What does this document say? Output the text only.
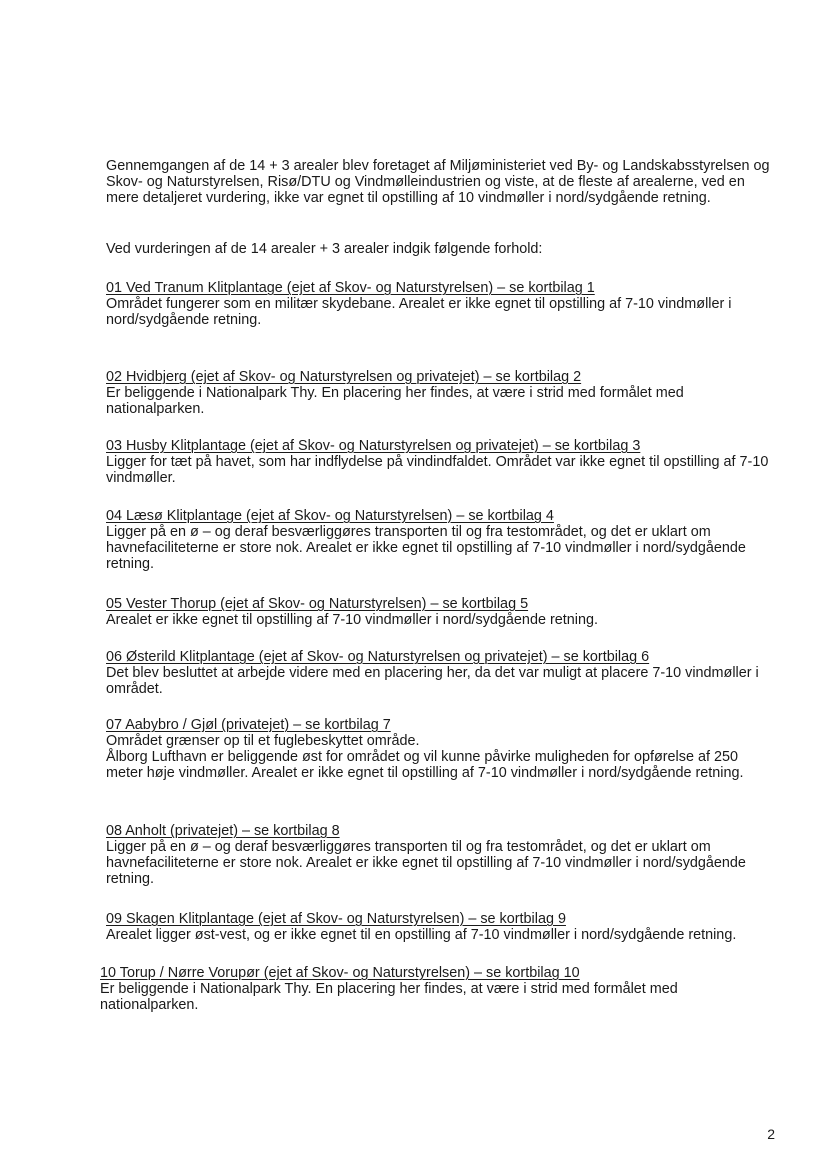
Gennemgangen af de 14 + 3 arealer blev foretaget af Miljøministeriet ved By- og Landskabsstyrelsen og Skov- og Naturstyrelsen, Risø/DTU og Vindmølleindustrien og viste, at de fleste af arealerne, ved en mere detaljeret vurdering, ikke var egnet til opstilling af 10 vindmøller i nord/sydgående retning.

Ved vurderingen af de 14 arealer + 3 arealer indgik følgende forhold:

01 Ved Tranum Klitplantage (ejet af Skov- og Naturstyrelsen) – se kortbilag 1

Området fungerer som en militær skydebane. Arealet er ikke egnet til opstilling af 7-10 vindmøller i nord/sydgående retning.

02 Hvidbjerg (ejet af Skov- og Naturstyrelsen og privatejet) – se kortbilag 2

Er beliggende i Nationalpark Thy. En placering her findes, at være i strid med formålet med nationalparken.

03 Husby Klitplantage (ejet af Skov- og Naturstyrelsen og privatejet) – se kortbilag 3

Ligger for tæt på havet, som har indflydelse på vindindfaldet. Området var ikke egnet til opstilling af 7-10 vindmøller.

04 Læsø Klitplantage (ejet af Skov- og Naturstyrelsen) – se kortbilag 4

Ligger på en ø – og deraf besværliggøres transporten til og fra testområdet, og det er uklart om havnefaciliteterne er store nok. Arealet er ikke egnet til opstilling af 7-10 vindmøller i nord/sydgående retning.

05 Vester Thorup (ejet af Skov- og Naturstyrelsen) – se kortbilag 5

Arealet er ikke egnet til opstilling af 7-10 vindmøller i nord/sydgående retning.

06 Østerild Klitplantage (ejet af Skov- og Naturstyrelsen og privatejet) – se kortbilag 6

Det blev besluttet at arbejde videre med en placering her, da det var muligt at placere 7-10 vindmøller i området.

07 Aabybro / Gjøl (privatejet) – se kortbilag 7

Området grænser op til et fuglebeskyttet område.

Ålborg Lufthavn er beliggende øst for området og vil kunne påvirke muligheden for opførelse af 250 meter høje vindmøller. Arealet er ikke egnet til opstilling af 7-10 vindmøller i nord/sydgående retning.

08 Anholt (privatejet) – se kortbilag 8

Ligger på en ø – og deraf besværliggøres transporten til og fra testområdet, og det er uklart om havnefaciliteterne er store nok. Arealet er ikke egnet til opstilling af 7-10 vindmøller i nord/sydgående retning.

09 Skagen Klitplantage (ejet af Skov- og Naturstyrelsen) – se kortbilag 9

Arealet ligger øst-vest, og er ikke egnet til en opstilling af 7-10 vindmøller i nord/sydgående retning.

10 Torup / Nørre Vorupør (ejet af Skov- og Naturstyrelsen) – se kortbilag 10

Er beliggende i Nationalpark Thy. En placering her findes, at være i strid med formålet med nationalparken.

2
